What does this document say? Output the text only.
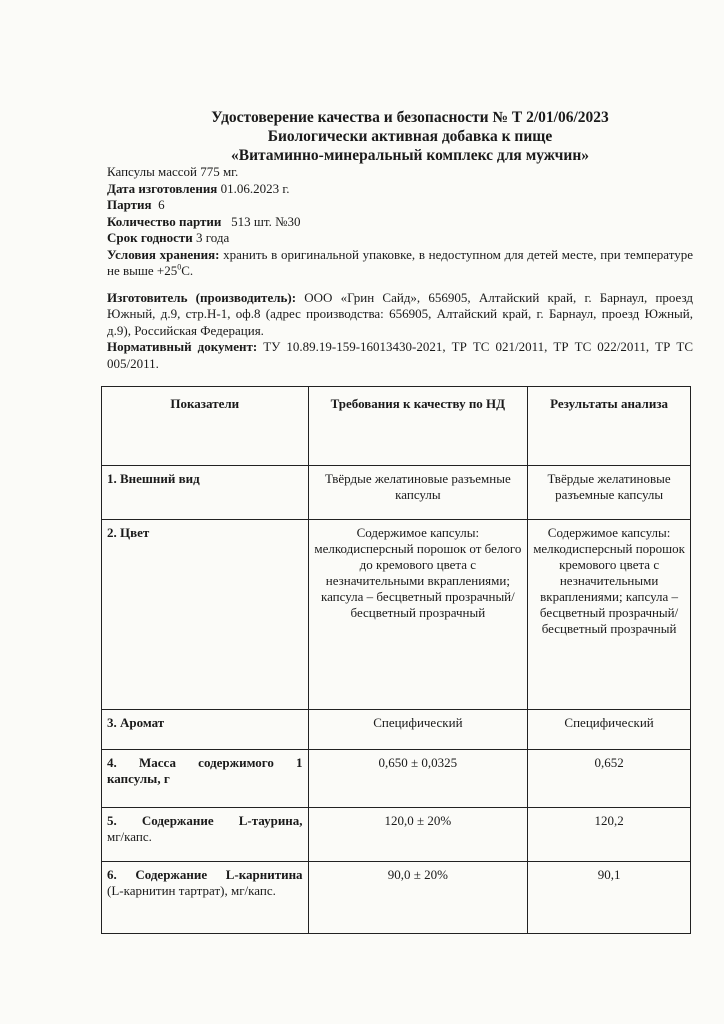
Удостоверение качества и безопасности № Т 2/01/06/2023
Биологически активная добавка к пище
«Витаминно-минеральный комплекс для мужчин»

Капсулы массой 775 мг.

Дата изготовления 01.06.2023 г.

Партия 6

Количество партии 513 шт. №30

Срок годности 3 года

Условия хранения: хранить в оригинальной упаковке, в недоступном для детей месте, при температуре не выше $+25^0С$.

Изготовитель (производитель): ООО «Грин Сайд», 656905, Алтайский край, г. Барнаул, проезд Южный, д.9, стр.Н-1, оф.8 (адрес производства: 656905, Алтайский край, г. Барнаул, проезд Южный, д.9), Российская Федерация.

Нормативный документ: ТУ 10.89.19-159-16013430-2021, ТР ТС 021/2011, ТР ТС 022/2011, ТР ТС 005/2011.

Показатели	Требования к качеству по НД	Результаты анализа
1. Внешний вид	Твёрдые желатиновые разъемные капсулы	Твёрдые желатиновые разъемные капсулы
2. Цвет	Содержимое капсулы: мелкодисперсный порошок от белого до кремового цвета с незначительными вкраплениями; капсула – бесцветный прозрачный/ бесцветный прозрачный	Содержимое капсулы: мелкодисперсный порошок кремового цвета с незначительными вкраплениями; капсула – бесцветный прозрачный/ бесцветный прозрачный
3. Аромат	Специфический	Специфический

4. Масса содержимого 1
капсулы, г	0,650 ± 0,0325	0,652

5. Содержание L-таурина,
мг/капс.	120,0 ± 20%	120,2

6. Содержание L-карнитина
(L-карнитин тартрат), мг/капс.	90,0 ± 20%	90,1
